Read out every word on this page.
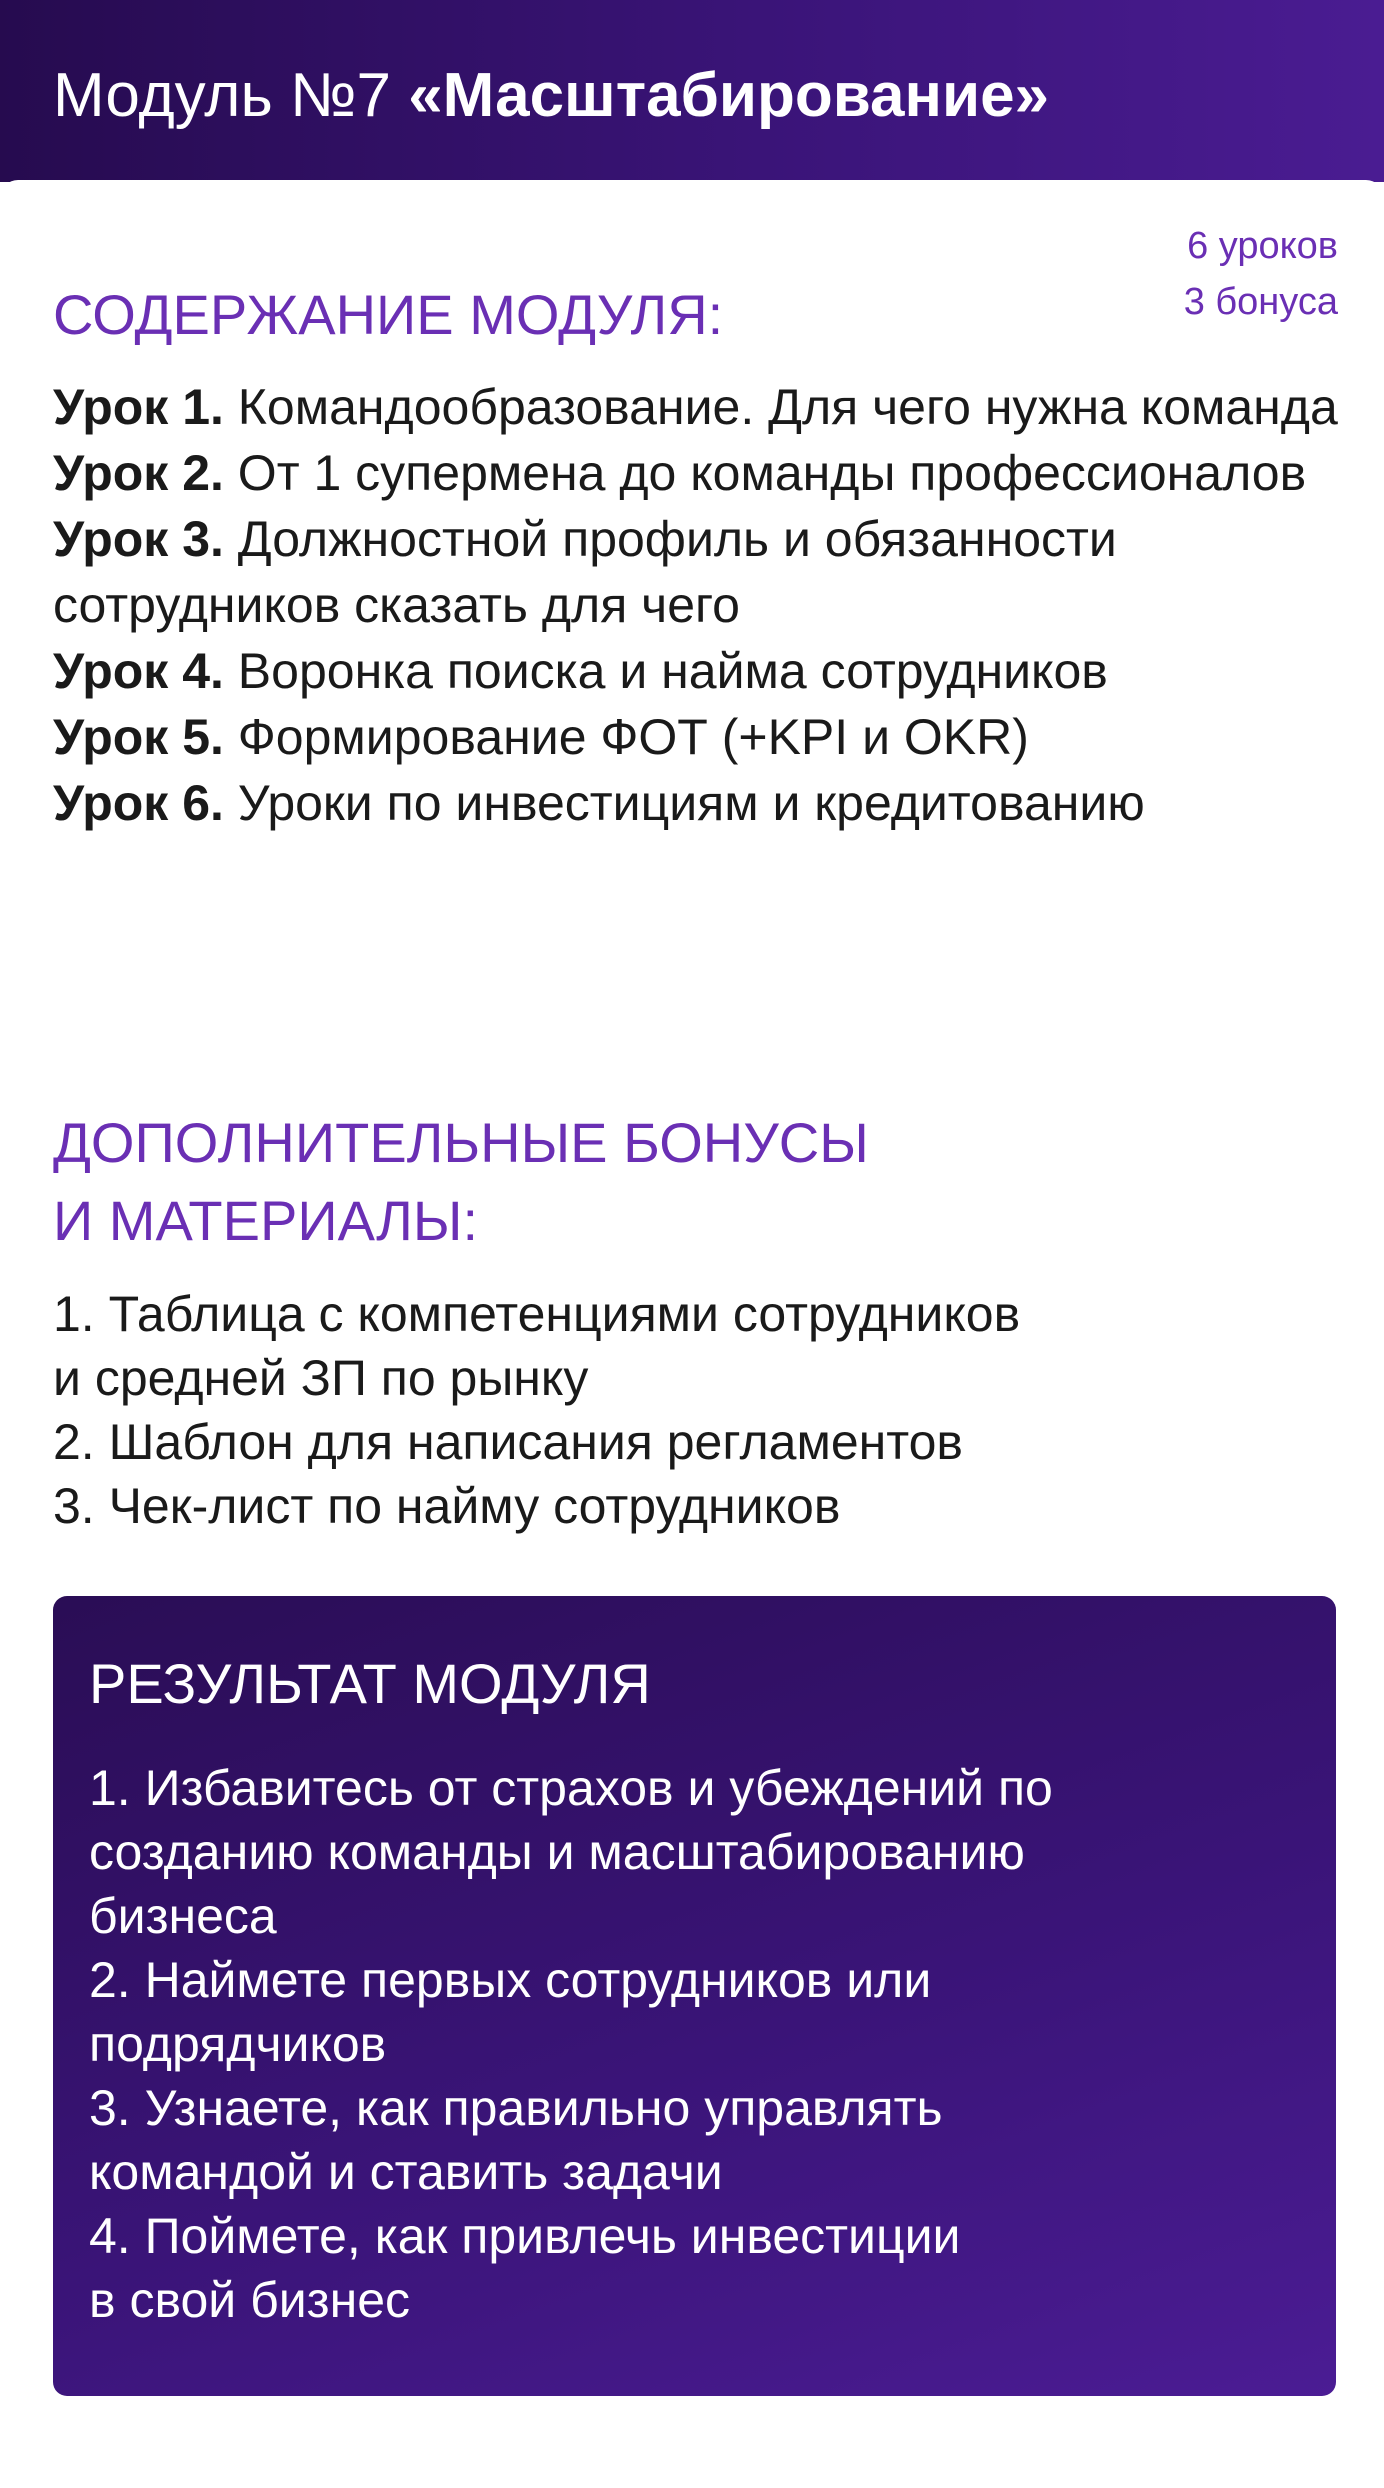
Модуль №7 «Масштабирование»
6 уроков
3 бонуса
СОДЕРЖАНИЕ МОДУЛЯ:
Урок 1. Командообразование. Для чего нужна команда
Урок 2. От 1 супермена до команды профессионалов
Урок 3. Должностной профиль и обязанности сотрудников сказать для чего
Урок 4. Воронка поиска и найма сотрудников
Урок 5. Формирование ФОТ (+KPI и OKR)
Урок 6. Уроки по инвестициям и кредитованию
ДОПОЛНИТЕЛЬНЫЕ БОНУСЫ
И МАТЕРИАЛЫ:
1. Таблица с компетенциями сотрудников
и средней ЗП по рынку
2. Шаблон для написания регламентов
3. Чек-лист по найму сотрудников
РЕЗУЛЬТАТ МОДУЛЯ
1. Избавитесь от страхов и убеждений по
созданию команды и масштабированию
бизнеса
2. Наймете первых сотрудников или
подрядчиков
3. Узнаете, как правильно управлять
командой и ставить задачи
4. Поймете, как привлечь инвестиции
в свой бизнес
